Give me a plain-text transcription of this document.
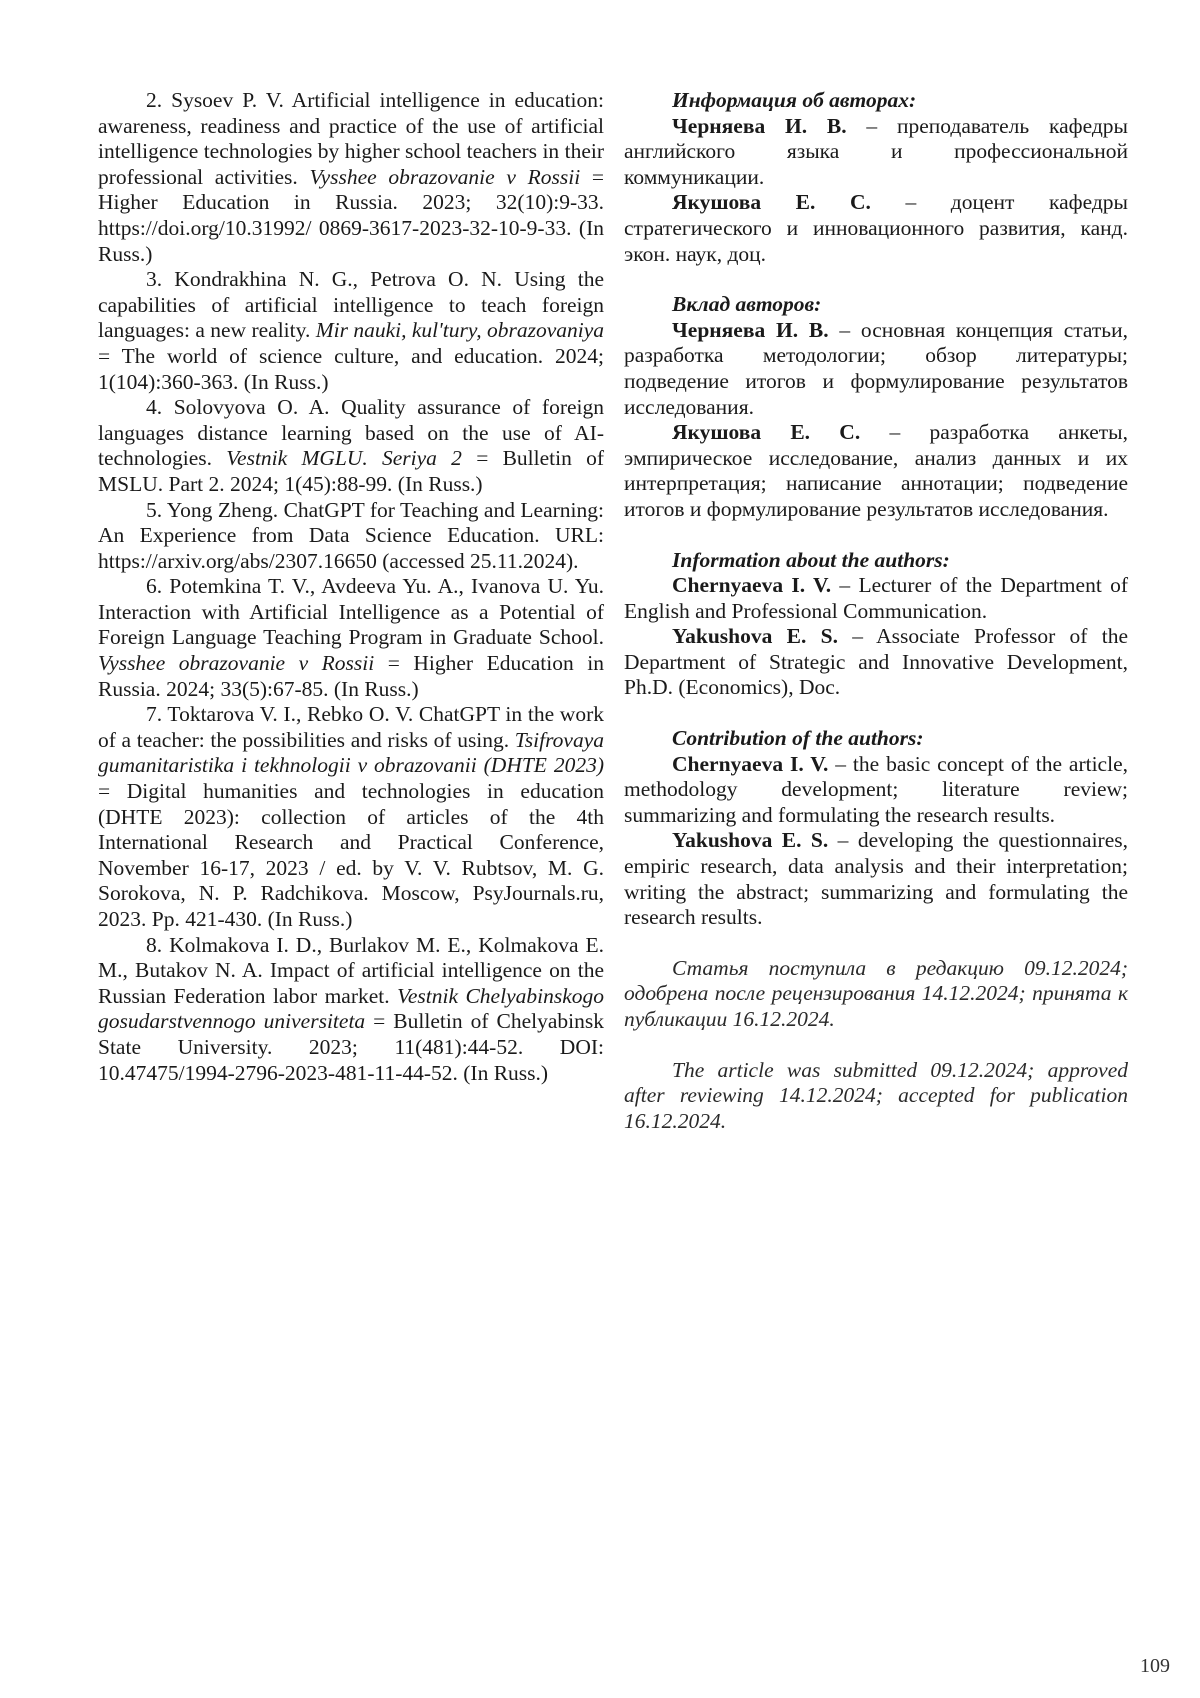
2. Sysoev P. V. Artificial intelligence in education: awareness, readiness and practice of the use of artificial intelligence technologies by higher school teachers in their professional activities. Vysshee obrazovanie v Rossii = Higher Education in Russia. 2023; 32(10):9-33. https://doi.org/10.31992/ 0869-3617-2023-32-10-9-33. (In Russ.)

3. Kondrakhina N. G., Petrova O. N. Using the capabilities of artificial intelligence to teach foreign languages: a new reality. Mir nauki, kul'tury, obrazovaniya = The world of science culture, and education. 2024; 1(104):360-363. (In Russ.)

4. Solovyova O. A. Quality assurance of foreign languages distance learning based on the use of AI-technologies. Vestnik MGLU. Seriya 2 = Bulletin of MSLU. Part 2. 2024; 1(45):88-99. (In Russ.)

5. Yong Zheng. ChatGPT for Teaching and Learning: An Experience from Data Science Education. URL: https://arxiv.org/abs/2307.16650 (accessed 25.11.2024).

6. Potemkina T. V., Avdeeva Yu. A., Ivanova U. Yu. Interaction with Artificial Intelligence as a Potential of Foreign Language Teaching Program in Graduate School. Vysshee obrazovanie v Rossii = Higher Education in Russia. 2024; 33(5):67-85. (In Russ.)

7. Toktarova V. I., Rebko O. V. ChatGPT in the work of a teacher: the possibilities and risks of using. Tsifrovaya gumanitaristika i tekhnologii v obrazovanii (DHTE 2023) = Digital humanities and technologies in education (DHTE 2023): collection of articles of the 4th International Research and Practical Conference, November 16-17, 2023 / ed. by V. V. Rubtsov, M. G. Sorokova, N. P. Radchikova. Moscow, PsyJournals.ru, 2023. Pp. 421-430. (In Russ.)

8. Kolmakova I. D., Burlakov M. E., Kolmakova E. M., Butakov N. A. Impact of artificial intelligence on the Russian Federation labor market. Vestnik Chelyabinskogo gosudarstvennogo universiteta = Bulletin of Chelyabinsk State University. 2023; 11(481):44-52. DOI: 10.47475/1994-2796-2023-481-11-44-52. (In Russ.)

Информация об авторах:

Черняева И. В. – преподаватель кафедры английского языка и профессиональной коммуникации.

Якушова Е. С. – доцент кафедры стратегического и инновационного развития, канд. экон. наук, доц.

Вклад авторов:

Черняева И. В. – основная концепция статьи, разработка методологии; обзор литературы; подведение итогов и формулирование результатов исследования.

Якушова Е. С. – разработка анкеты, эмпирическое исследование, анализ данных и их интерпретация; написание аннотации; подведение итогов и формулирование результатов исследования.

Information about the authors:

Chernyaeva I. V. – Lecturer of the Department of English and Professional Communication.

Yakushova E. S. – Associate Professor of the Department of Strategic and Innovative Development, Ph.D. (Economics), Doc.

Contribution of the authors:

Chernyaeva I. V. – the basic concept of the article, methodology development; literature review; summarizing and formulating the research results.

Yakushova E. S. – developing the questionnaires, empiric research, data analysis and their interpretation; writing the abstract; summarizing and formulating the research results.

Статья поступила в редакцию 09.12.2024; одобрена после рецензирования 14.12.2024; принята к публикации 16.12.2024.

The article was submitted 09.12.2024; approved after reviewing 14.12.2024; accepted for publication 16.12.2024.

109
